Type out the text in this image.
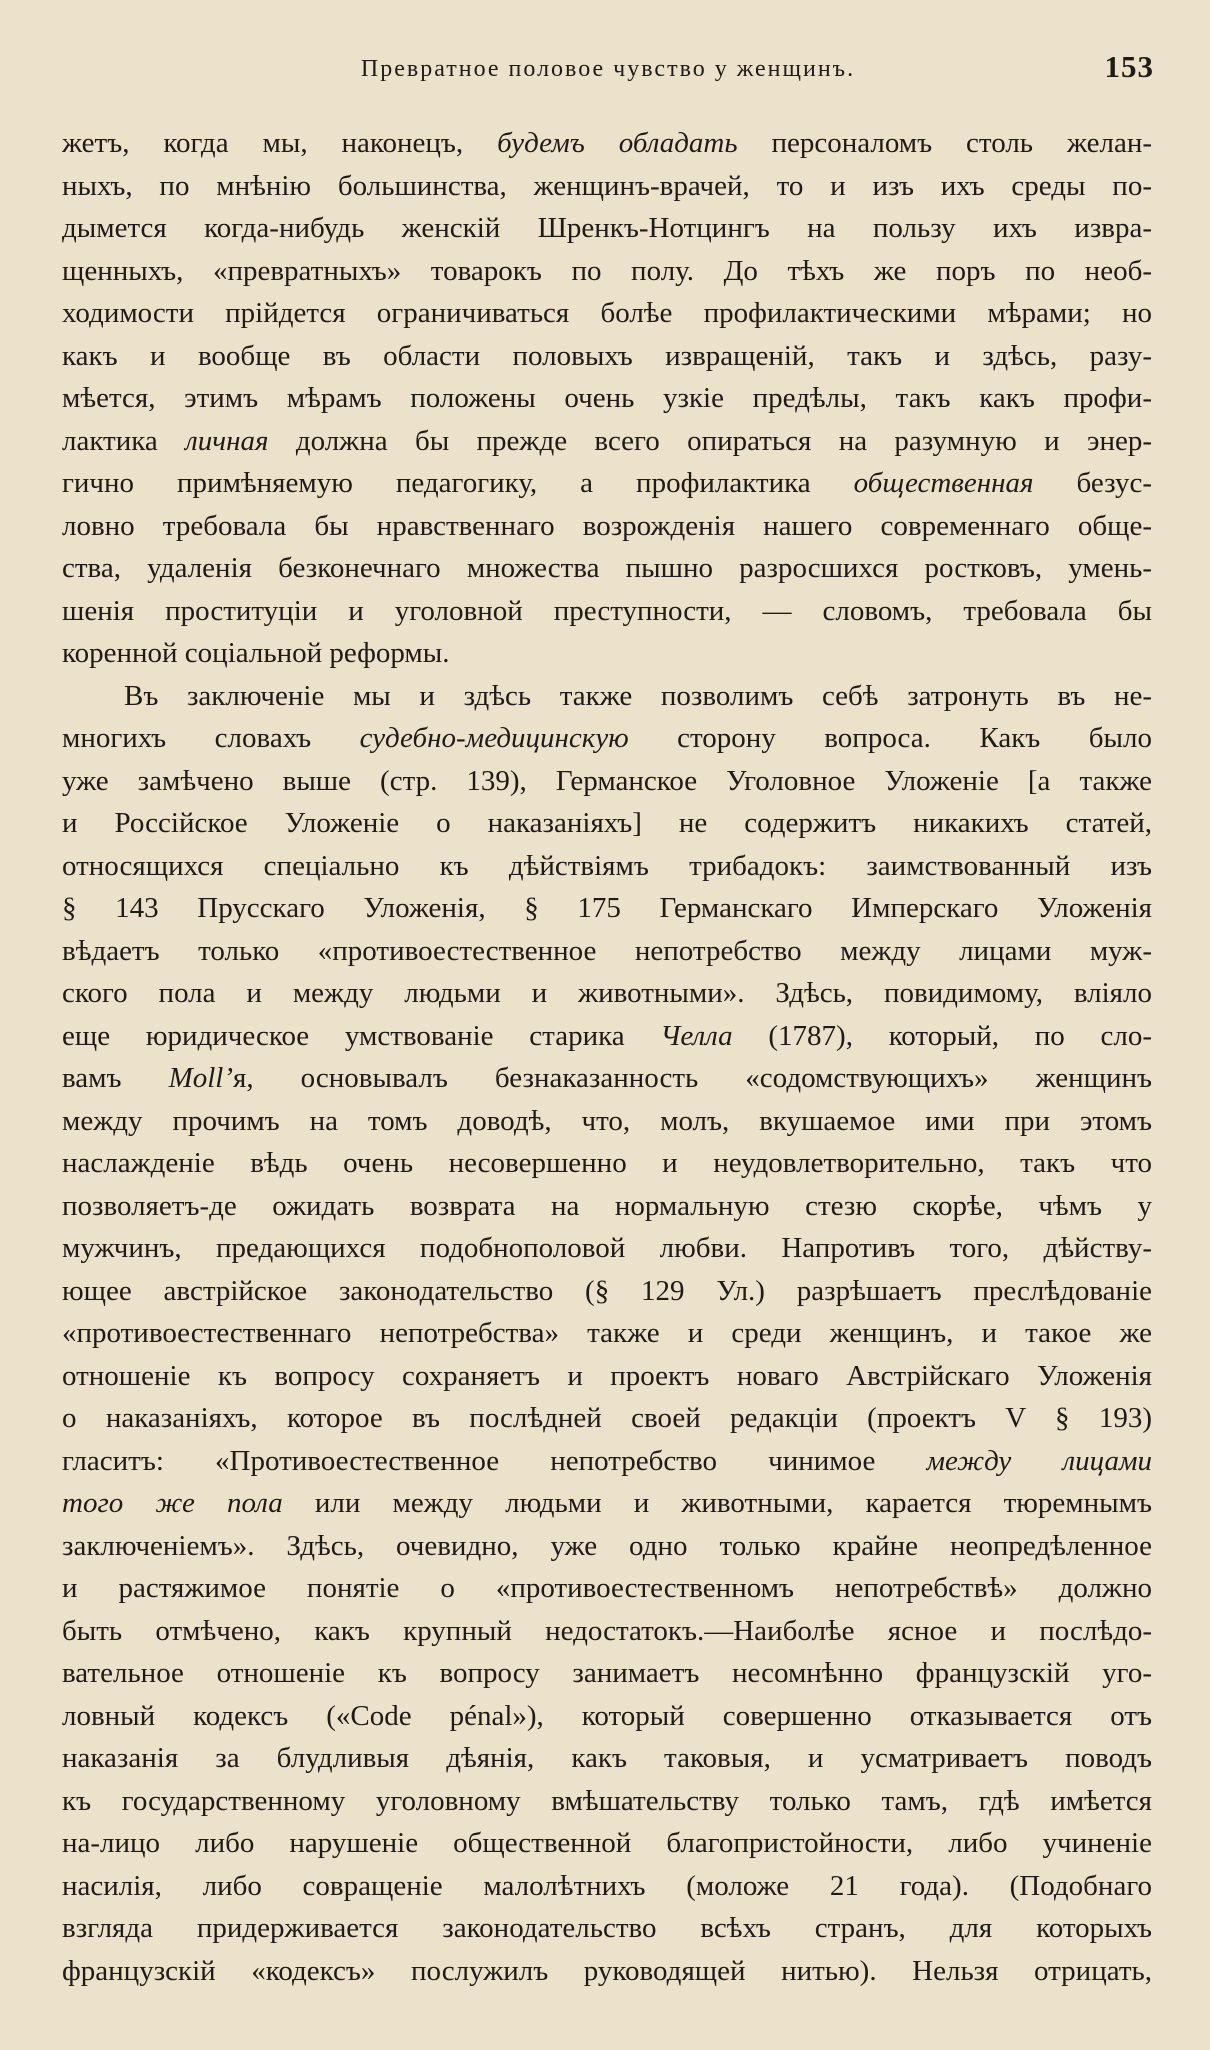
Превратное половое чувство у женщинъ.	153
жетъ, когда мы, наконецъ, будемъ обладать персоналомъ столь желан-
ныхъ, по мнѣнію большинства, женщинъ-врачей, то и изъ ихъ среды по-
дымется когда-нибудь женскій Шренкъ-Нотцингъ на пользу ихъ извра-
щенныхъ, «превратныхъ» товарокъ по полу. До тѣхъ же поръ по необ-
ходимости прійдется ограничиваться болѣе профилактическими мѣрами; но
какъ и вообще въ области половыхъ извращеній, такъ и здѣсь, разу-
мѣется, этимъ мѣрамъ положены очень узкіе предѣлы, такъ какъ профи-
лактика личная должна бы прежде всего опираться на разумную и энер-
гично примѣняемую педагогику, а профилактика общественная безус-
ловно требовала бы нравственнаго возрожденія нашего современнаго обще-
ства, удаленія безконечнаго множества пышно разросшихся ростковъ, умень-
шенія проституціи и уголовной преступности, — словомъ, требовала бы
коренной соціальной реформы.
Въ заключеніе мы и здѣсь также позволимъ себѣ затронуть въ не-
многихъ словахъ судебно-медицинскую сторону вопроса. Какъ было
уже замѣчено выше (стр. 139), Германское Уголовное Уложеніе [а также
и Россійское Уложеніе о наказаніяхъ] не содержитъ никакихъ статей,
относящихся спеціально къ дѣйствіямъ трибадокъ: заимствованный изъ
§ 143 Прусскаго Уложенія, § 175 Германскаго Имперскаго Уложенія
вѣдаетъ только «противоестественное непотребство между лицами муж-
ского пола и между людьми и животными». Здѣсь, повидимому, вліяло
еще юридическое умствованіе старика Челла (1787), который, по сло-
вамъ Moll’я, основывалъ безнаказанность «содомствующихъ» женщинъ
между прочимъ на томъ доводѣ, что, молъ, вкушаемое ими при этомъ
наслажденіе вѣдь очень несовершенно и неудовлетворительно, такъ что
позволяетъ-де ожидать возврата на нормальную стезю скорѣе, чѣмъ у
мужчинъ, предающихся подобнополовой любви. Напротивъ того, дѣйству-
ющее австрійское законодательство (§ 129 Ул.) разрѣшаетъ преслѣдованіе
«противоестественнаго непотребства» также и среди женщинъ, и такое же
отношеніе къ вопросу сохраняетъ и проектъ новаго Австрійскаго Уложенія
о наказаніяхъ, которое въ послѣдней своей редакціи (проектъ V § 193)
гласитъ: «Противоестественное непотребство чинимое между лицами
того же пола или между людьми и животными, карается тюремнымъ
заключеніемъ». Здѣсь, очевидно, уже одно только крайне неопредѣленное
и растяжимое понятіе о «противоестественномъ непотребствѣ» должно
быть отмѣчено, какъ крупный недостатокъ.—Наиболѣе ясное и послѣдо-
вательное отношеніе къ вопросу занимаетъ несомнѣнно французскій уго-
ловный кодексъ («Code pénal»), который совершенно отказывается отъ
наказанія за блудливыя дѣянія, какъ таковыя, и усматриваетъ поводъ
къ государственному уголовному вмѣшательству только тамъ, гдѣ имѣется
на-лицо либо нарушеніе общественной благопристойности, либо учиненіе
насилія, либо совращеніе малолѣтнихъ (моложе 21 года). (Подобнаго
взгляда придерживается законодательство всѣхъ странъ, для которыхъ
французскій «кодексъ» послужилъ руководящей нитью). Нельзя отрицать,
